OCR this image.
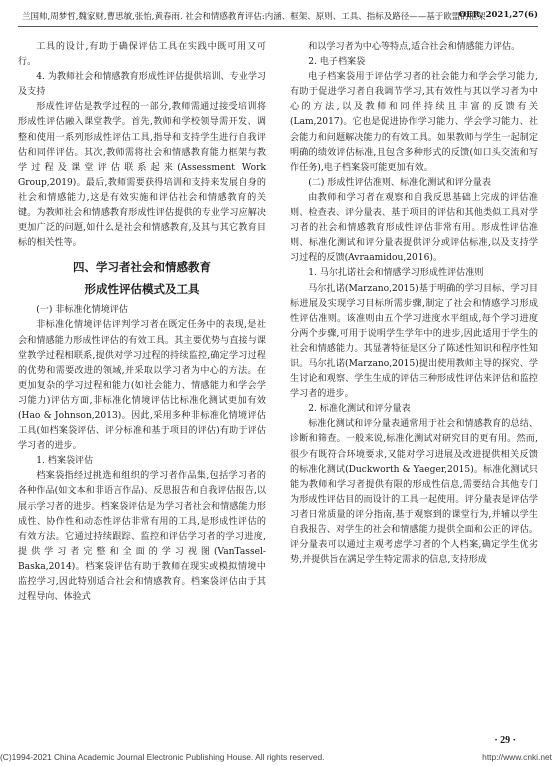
兰国帅,周梦哲,魏家财,曹思敏,张怡,黄春雨. 社会和情感教育评估:内涵、框架、原则、工具、指标及路径——基于欧盟的框架
OER. 2021,27(6)

工具的设计,有助于确保评估工具在实践中既可用又可行。

4. 为教师社会和情感教育形成性评估提供培训、专业学习及支持

形成性评估是教学过程的一部分,教师需通过接受培训将形成性评估融入课堂教学。首先,教师和学校领导需开发、调整和使用一系列形成性评估工具,指导和支持学生进行自我评估和同伴评估。其次,教师需将社会和情感教育能力框架与教学过程及课堂评估联系起来(Assessment Work Group,2019)。最后,教师需要获得培训和支持来发展自身的社会和情感能力,这是有效实施和评估社会和情感教育的关键。为教师社会和情感教育形成性评估提供的专业学习应解决更加广泛的问题,如什么是社会和情感教育,及其与其它教育目标的相关性等。

四、学习者社会和情感教育

形成性评估模式及工具

(一) 非标准化情境评估

非标准化情境评估评判学习者在既定任务中的表现,是社会和情感能力形成性评估的有效工具。其主要优势与直接与课堂教学过程相联系,提供对学习过程的持续监控,确定学习过程的优势和需要改进的领域,并采取以学习者为中心的方法。在更加复杂的学习过程和能力(如社会能力、情感能力和学会学习能力)评估方面,非标准化情境评估比标准化测试更加有效(Hao & Johnson,2013)。因此,采用多种非标准化情境评估工具(如档案袋评估、评分标准和基于项目的评估)有助于评估学习者的进步。

1. 档案袋评估

档案袋指经过挑选和组织的学习者作品集,包括学习者的各种作品(如文本和非语言作品)、反思报告和自我评估报告,以展示学习者的进步。档案袋评估是为学习者社会和情感能力形成性、协作性和动态性评估非常有用的工具,是形成性评估的有效方法。它通过持续跟踪、监控和评估学习者的学习进度,提供学习者完整和全面的学习视图(VanTassel-Baska,2014)。档案袋评估有助于教师在现实或模拟情境中监控学习,因此特别适合社会和情感教育。档案袋评估由于其过程导向、体验式

和以学习者为中心等特点,适合社会和情感能力评估。

2. 电子档案袋

电子档案袋用于评估学习者的社会能力和学会学习能力,有助于促进学习者自我调节学习,其有效性与其以学习者为中心的方法,以及教师和同伴持续且丰富的反馈有关(Lam,2017)。它也是促进协作学习能力、学会学习能力、社会能力和问题解决能力的有效工具。如果教师与学生一起制定明确的绩效评估标准,且包含多种形式的反馈(如口头交流和写作任务),电子档案袋可能更加有效。

(二) 形成性评估准则、标准化测试和评分量表

由教师和学习者在观察和自我反思基础上完成的评估准则、检查表、评分量表、基于项目的评估和其他类似工具对学习者的社会和情感教育形成性评估非常有用。形成性评估准则、标准化测试和评分量表提供评分或评估标准,以及支持学习过程的反馈(Avraamidou,2016)。

1. 马尔扎诺社会和情感学习形成性评估准则

马尔扎诺(Marzano,2015)基于明确的学习目标、学习目标进展及实现学习目标所需步骤,制定了社会和情感学习形成性评估准则。该准则由五个学习进度水平组成,每个学习进度分两个步骤,可用于说明学生学年中的进步,因此适用于学生的社会和情感能力。其显著特征是区分了陈述性知识和程序性知识。马尔扎诺(Marzano,2015)提出使用教师主导的探究、学生讨论和观察、学生生成的评估三种形成性评估来评估和监控学习者的进步。

2. 标准化测试和评分量表

标准化测试和评分量表通常用于社会和情感教育的总结、诊断和筛查。一般来说,标准化测试对研究目的更有用。然而,很少有既符合环境要求,又能对学习进展及改进提供相关反馈的标准化测试(Duckworth & Yaeger,2015)。标准化测试只能为教师和学习者提供有限的形成性信息,需要结合其他专门为形成性评估目的而设计的工具一起使用。评分量表是评估学习者日常质量的评分指南,基于观察到的课堂行为,并辅以学生自我报告、对学生的社会和情感能力提供全面和公正的评估。评分量表可以通过主观考虑学习者的个人档案,确定学生优劣势,并提供旨在满足学生特定需求的信息,支持形成

· 29 ·
(C)1994-2021 China Academic Journal Electronic Publishing House. All rights reserved.	http://www.cnki.net
